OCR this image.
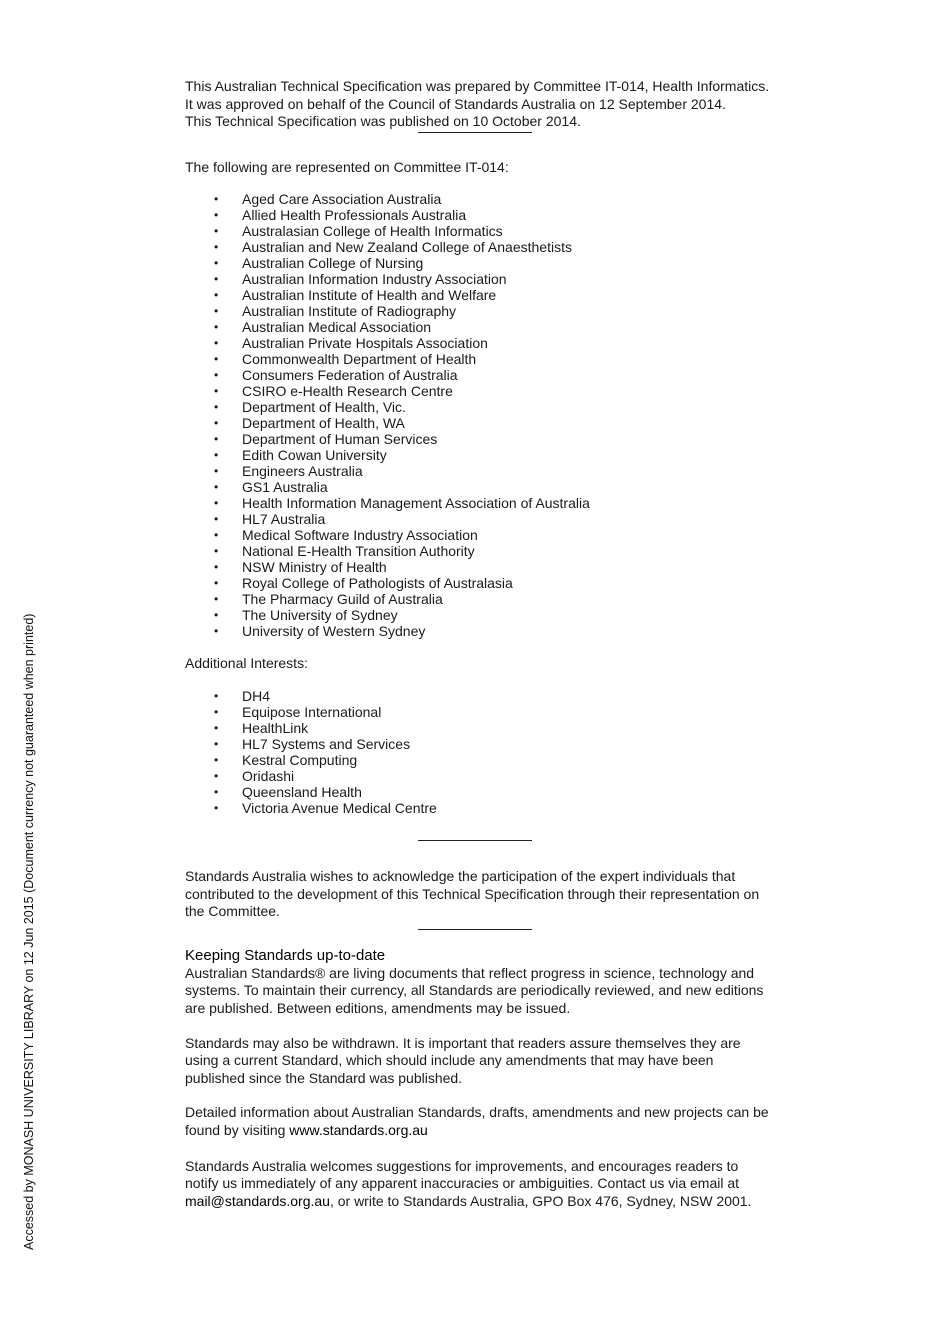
Accessed by MONASH UNIVERSITY LIBRARY on 12 Jun 2015 (Document currency not guaranteed when printed)

This Australian Technical Specification was prepared by Committee IT-014, Health Informatics. It was approved on behalf of the Council of Standards Australia on 12 September 2014.

This Technical Specification was published on 10 October 2014.

The following are represented on Committee IT-014:

• Aged Care Association Australia
• Allied Health Professionals Australia
• Australasian College of Health Informatics
• Australian and New Zealand College of Anaesthetists
• Australian College of Nursing
• Australian Information Industry Association
• Australian Institute of Health and Welfare
• Australian Institute of Radiography
• Australian Medical Association
• Australian Private Hospitals Association
• Commonwealth Department of Health
• Consumers Federation of Australia
• CSIRO e-Health Research Centre
• Department of Health, Vic.
• Department of Health, WA
• Department of Human Services
• Edith Cowan University
• Engineers Australia
• GS1 Australia
• Health Information Management Association of Australia
• HL7 Australia
• Medical Software Industry Association
• National E-Health Transition Authority
• NSW Ministry of Health
• Royal College of Pathologists of Australasia
• The Pharmacy Guild of Australia
• The University of Sydney
• University of Western Sydney

Additional Interests:

• DH4
• Equipose International
• HealthLink
• HL7 Systems and Services
• Kestral Computing
• Oridashi
• Queensland Health
• Victoria Avenue Medical Centre

Standards Australia wishes to acknowledge the participation of the expert individuals that contributed to the development of this Technical Specification through their representation on the Committee.

Keeping Standards up-to-date

Australian Standards® are living documents that reflect progress in science, technology and systems. To maintain their currency, all Standards are periodically reviewed, and new editions are published. Between editions, amendments may be issued.

Standards may also be withdrawn. It is important that readers assure themselves they are using a current Standard, which should include any amendments that may have been published since the Standard was published.

Detailed information about Australian Standards, drafts, amendments and new projects can be found by visiting www.standards.org.au

Standards Australia welcomes suggestions for improvements, and encourages readers to notify us immediately of any apparent inaccuracies or ambiguities. Contact us via email at mail@standards.org.au, or write to Standards Australia, GPO Box 476, Sydney, NSW 2001.
